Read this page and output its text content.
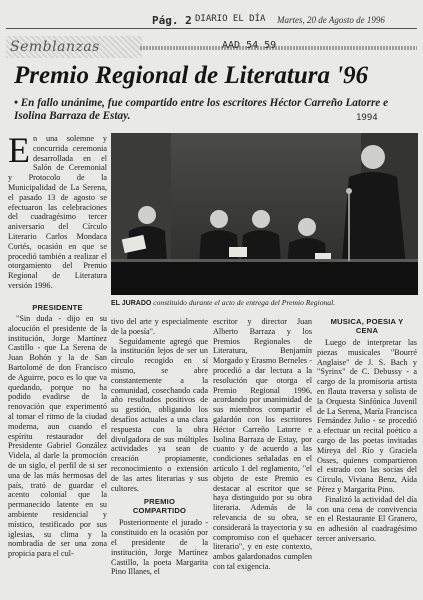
Pág. 2 DIARIO EL DÍA Martes, 20 de Agosto de 1996
Semblanzas	AAD 54 59
Premio Regional de Literatura '96
• En fallo unánime, fue compartido entre los escritores Héctor Carreño Latorre e Isolina Barraza de Estay.	1994
En una solemne y concurrida ceremonia desarrollada en el Salón de Ceremonial y Protocolo de la Municipalidad de La Serena, el pasado 13 de agosto se efectuaron las celebraciones del cuadragésimo tercer aniversario del Círculo Literario Carlos Mondaca Cortés, ocasión en que se procedió también a realizar el otorgamiento del Premio Regional de Literatura versión 1996.
EL JURADO constituido durante el acto de entrega del Premio Regional.
PRESIDENTE

"Sin duda - dijo en su alocución el presidente de la institución, Jorge Martínez Castillo - que La Serena de Juan Bohón y la de San Bartolomé de don Francisco de Aguirre, poco es lo que va quedando, porque no ha podido evadirse de la renovación que experimentó al tomar el ritmo de la ciudad moderna, aun cuando el espíritu restaurador del Presidente Gabriel González Videla, al darle la promoción de un siglo, el perfil de si ser una de las más hermosas del país, trató de guardar el acento colonial que la permanecido latente en su ambiente residencial y místico, testificado por sus iglesias, su clima y la nombradía de ser una zona propicia para el cul-

tivo del arte y especialmente de la poesía".

Seguidamente agregó que la institución lejos de ser un círculo recogido en sí mismo, se abre constantemente a la comunidad, cosechando cada año resultados positivos de su gestión, obligando los desafíos actuales a una clara respuesta con la obra divulgadora de sus múltiples actividades ya sean de creación propiamente, reconocimiento o extensión de las artes literarias y sus cultores.

PREMIO COMPARTIDO

Posteriormente el jurado - constituido en la ocasión por el presidente de la institución, Jorge Martínez Castillo, la poeta Margarita Pino Illanes, el

escritor y director Juan Alberto Barraza y los Premios Regionales de Literatura, Benjamín Morgado y Erasmo Berneles - procedió a dar lectura a la resolución que otorga el Premio Regional 1996, acordando por unanimidad de sus miembros compartir el galardón con los escritores Héctor Carreño Latorre e Isolina Barraza de Estay, por cuanto y de acuerdo a las condiciones señaladas en el artículo 1 del reglamento, "el objeto de este Premio es destacar al escritor que se haya distinguido por su obra literaria. Además de la relevancia de su obra, se considerará la trayectoria y su compromiso con el quehacer literario", y en este contexto, ambos galardonados cumplen con tal exigencia.

MUSICA, POESIA Y CENA

Luego de interpretar las piezas musicales "Bourré Anglaise" de J. S. Bach y "Syrinx" de C. Debussy - a cargo de la promisoria artista en flauta traversa y solista de la Orquesta Sinfónica Juvenil de La Serena, María Francisca Fernández Julio - se procedió a efectuar un recital poético a cargo de las poetas invitadas Mireya del Río y Graciela Osses, quienes compartieron el estrado con las socias del Círculo, Viviana Benz, Aída Pérez y Margarita Pino.

Finalizó la actividad del día con una cena de convivencia en el Restaurante El Granero, en adhesión al cuadragésimo tercer aniversario.
